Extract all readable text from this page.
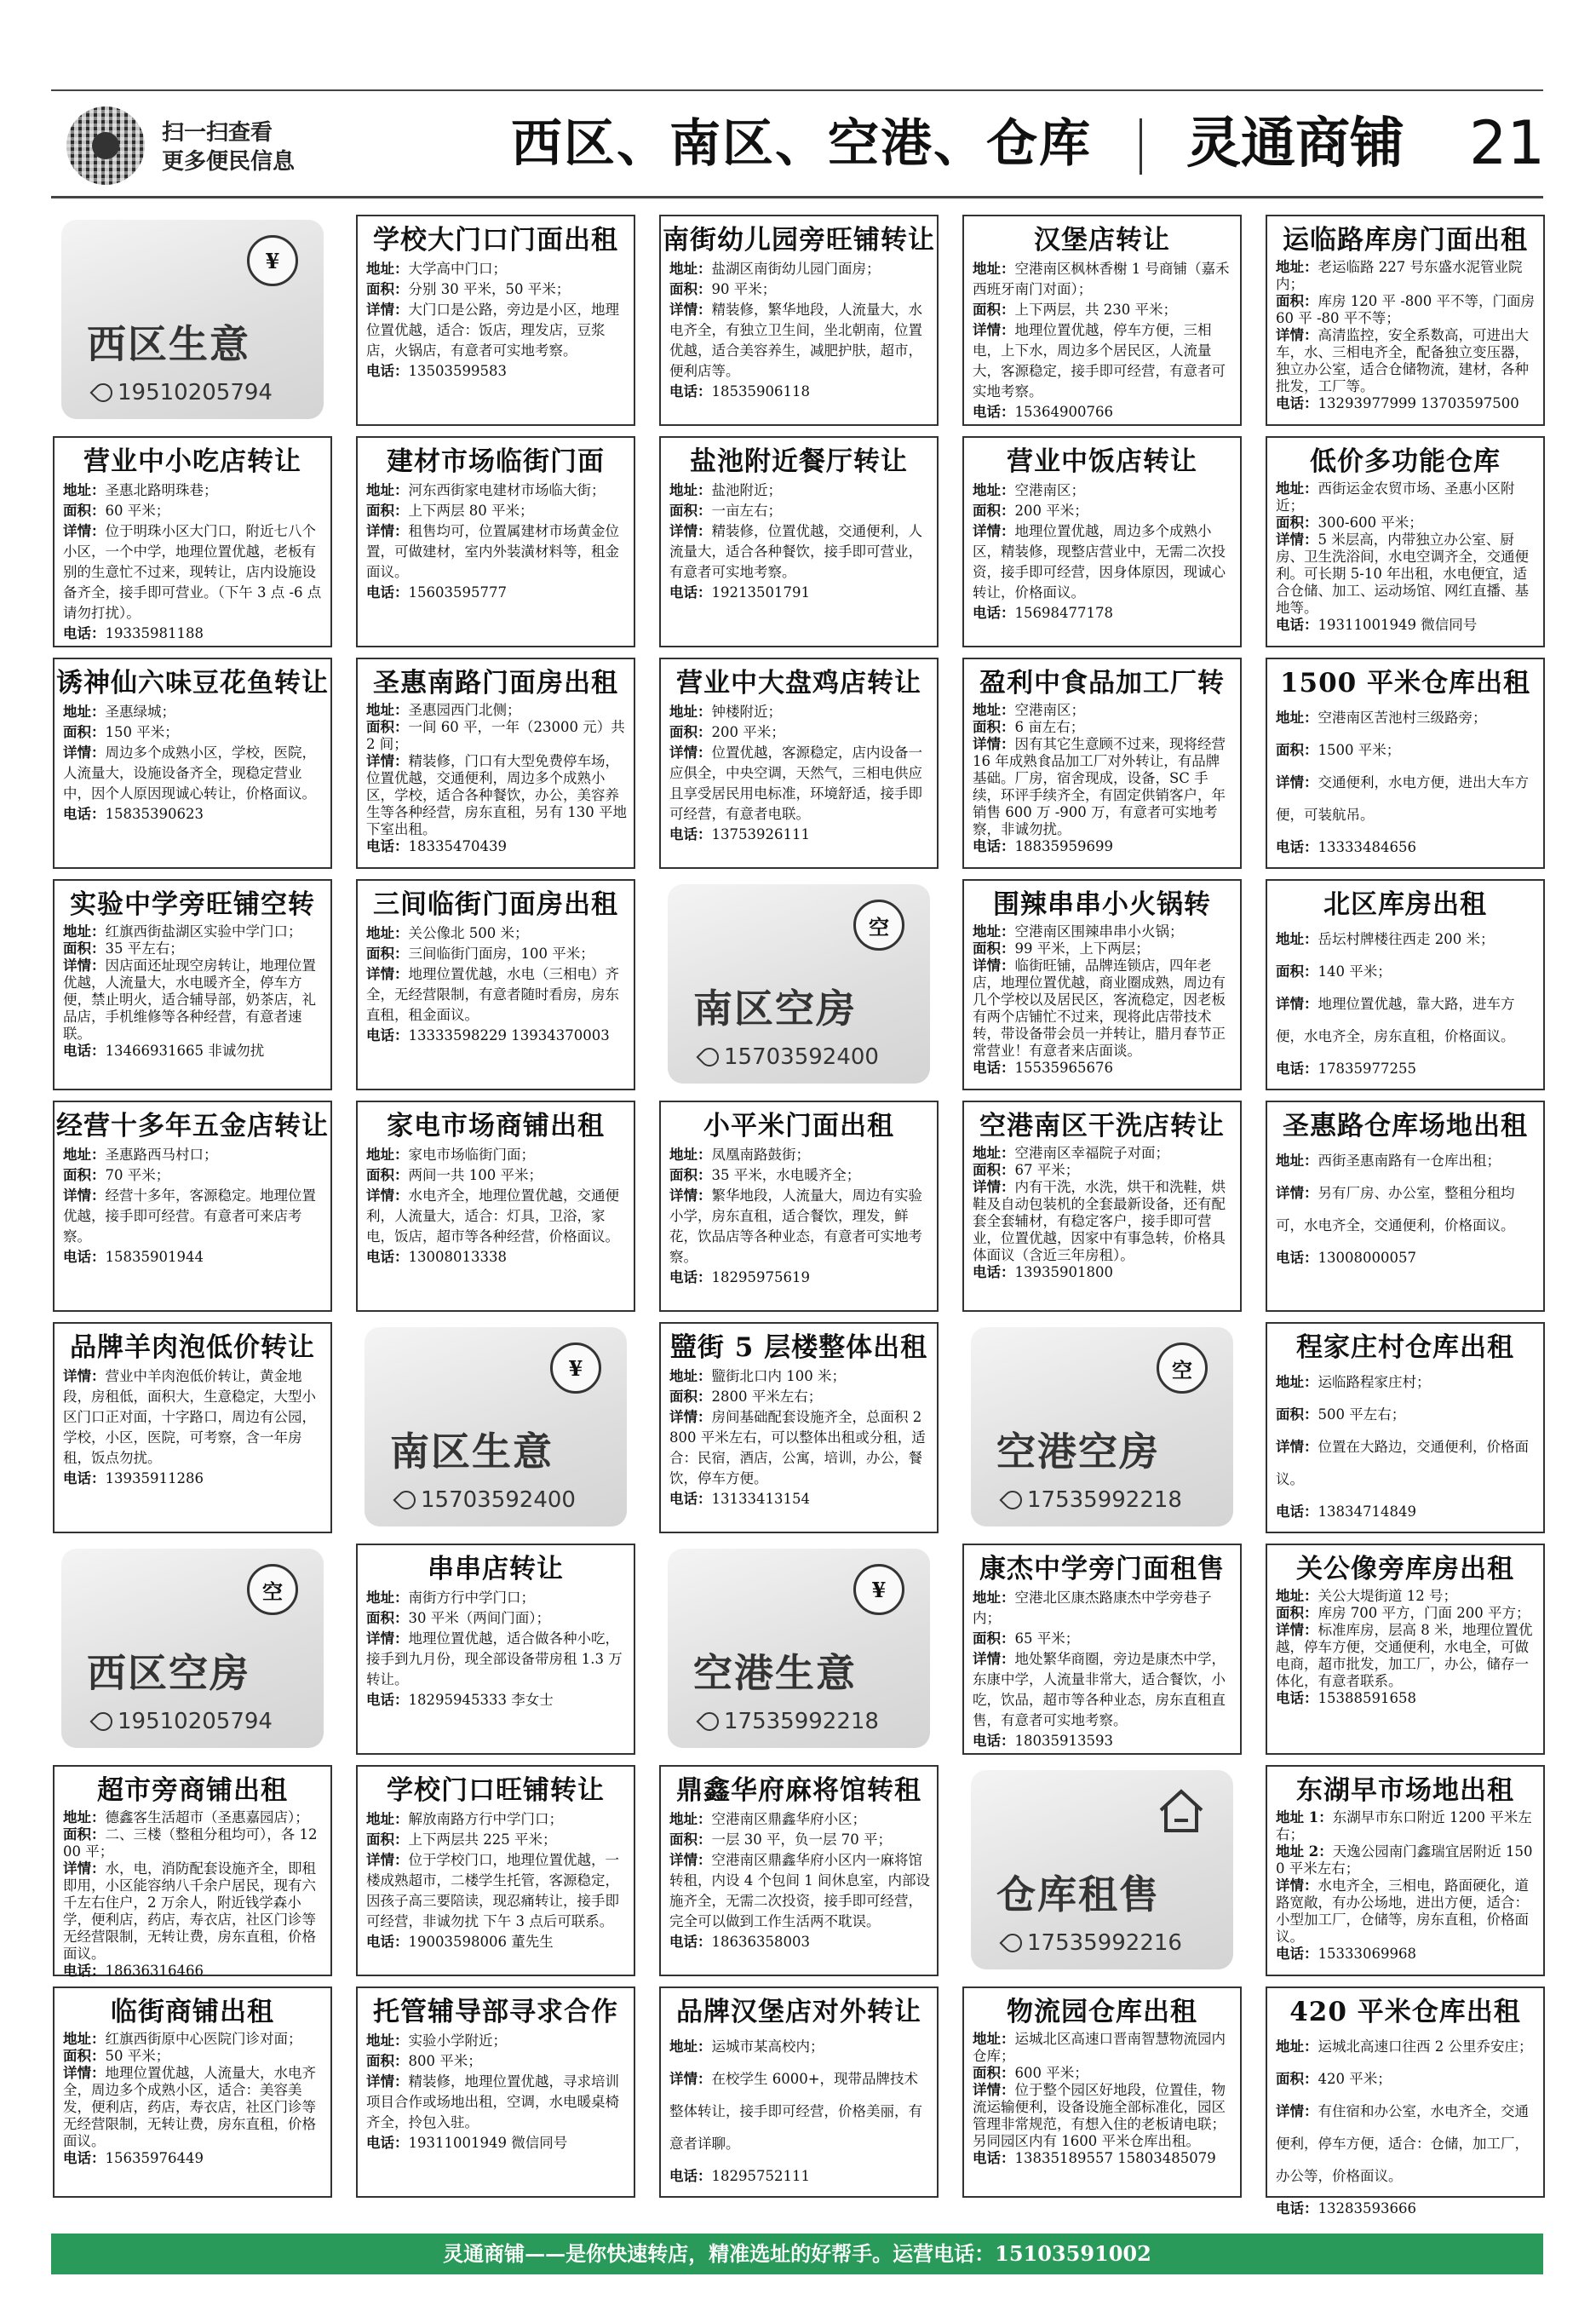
扫一扫查看
更多便民信息	西区、南区、空港、仓库 灵通商铺 21
¥
西区生意
19510205794
学校大门口门面出租
地址：大学高中门口；
面积：分别 30 平米，50 平米；
详情：大门口是公路，旁边是小区，地理位置优越，适合：饭店，理发店，豆浆店，火锅店，有意者可实地考察。
电话：13503599583
南街幼儿园旁旺铺转让
地址：盐湖区南街幼儿园门面房；
面积：90 平米；
详情：精装修，繁华地段，人流量大，水电齐全，有独立卫生间，坐北朝南，位置优越，适合美容养生，减肥护肤，超市，便利店等。
电话：18535906118
汉堡店转让
地址：空港南区枫林香榭 1 号商铺（嘉禾西班牙南门对面）；
面积：上下两层，共 230 平米；
详情：地理位置优越，停车方便，三相电，上下水，周边多个居民区，人流量大，客源稳定，接手即可经营，有意者可实地考察。
电话：15364900766
运临路库房门面出租
地址：老运临路 227 号东盛水泥管业院内；
面积：库房 120 平 -800 平不等，门面房 60 平 -80 平不等；
详情：高清监控，安全系数高，可进出大车，水、三相电齐全，配备独立变压器，独立办公室，适合仓储物流，建材，各种批发，工厂等。
电话：13293977999 13703597500
营业中小吃店转让
地址：圣惠北路明珠巷；
面积：60 平米；
详情：位于明珠小区大门口，附近七八个小区，一个中学，地理位置优越，老板有别的生意忙不过来，现转让，店内设施设备齐全，接手即可营业。（下午 3 点 -6 点请勿打扰）。
电话：19335981188
建材市场临街门面
地址：河东西街家电建材市场临大街；
面积：上下两层 80 平米；
详情：租售均可，位置属建材市场黄金位置，可做建材，室内外装潢材料等，租金面议。
电话：15603595777
盐池附近餐厅转让
地址：盐池附近；
面积：一亩左右；
详情：精装修，位置优越，交通便利，人流量大，适合各种餐饮，接手即可营业，有意者可实地考察。
电话：19213501791
营业中饭店转让
地址：空港南区；
面积：200 平米；
详情：地理位置优越，周边多个成熟小区，精装修，现整店营业中，无需二次投资，接手即可经营，因身体原因，现诚心转让，价格面议。
电话：15698477178
低价多功能仓库
地址：西街运金农贸市场、圣惠小区附近；
面积：300-600 平米；
详情：5 米层高，内带独立办公室、厨房、卫生洗浴间，水电空调齐全，交通便利。可长期 5-10 年出租，水电便宜，适合仓储、加工、运动场馆、网红直播、基地等。
电话：19311001949 微信同号
诱神仙六味豆花鱼转让
地址：圣惠绿城；
面积：150 平米；
详情：周边多个成熟小区，学校，医院，人流量大，设施设备齐全，现稳定营业中，因个人原因现诚心转让，价格面议。
电话：15835390623
圣惠南路门面房出租
地址：圣惠园西门北侧；
面积：一间 60 平，一年（23000 元）共 2 间；
详情：精装修，门口有大型免费停车场，位置优越，交通便利，周边多个成熟小区，学校，适合各种餐饮，办公，美容养生等各种经营，房东直租，另有 130 平地下室出租。
电话：18335470439
营业中大盘鸡店转让
地址：钟楼附近；
面积：200 平米；
详情：位置优越，客源稳定，店内设备一应俱全，中央空调，天然气，三相电供应且享受居民用电标准，环境舒适，接手即可经营，有意者电联。
电话：13753926111
盈利中食品加工厂转
地址：空港南区；
面积：6 亩左右；
详情：因有其它生意顾不过来，现将经营 16 年成熟食品加工厂对外转让，有品牌基础。厂房，宿舍现成，设备，SC 手续，环评手续齐全，有固定供销客户，年销售 600 万 -900 万，有意者可实地考察，非诚勿扰。
电话：18835959699
1500 平米仓库出租
地址：空港南区苦池村三级路旁；
面积：1500 平米；
详情：交通便利，水电方便，进出大车方便，可装航吊。
电话：13333484656
实验中学旁旺铺空转
地址：红旗西街盐湖区实验中学门口；
面积：35 平左右；
详情：因店面还址现空房转让，地理位置优越，人流量大，水电暖齐全，停车方便，禁止明火，适合辅导部，奶茶店，礼品店，手机维修等各种经营，有意者速联。
电话：13466931665 非诚勿扰
三间临街门面房出租
地址：关公像北 500 米；
面积：三间临街门面房，100 平米；
详情：地理位置优越，水电（三相电）齐全，无经营限制，有意者随时看房，房东直租，租金面议。
电话：13333598229 13934370003
空
南区空房
15703592400
围辣串串小火锅转
地址：空港南区围辣串串小火锅；
面积：99 平米，上下两层；
详情：临街旺铺，品牌连锁店，四年老店，地理位置优越，商业圈成熟，周边有几个学校以及居民区，客流稳定，因老板有两个店铺忙不过来，现将此店带技术转，带设备带会员一并转让，腊月春节正常营业！有意者来店面谈。
电话：15535965676
北区库房出租
地址：岳坛村牌楼往西走 200 米；
面积：140 平米；
详情：地理位置优越，靠大路，进车方便，水电齐全，房东直租，价格面议。
电话：17835977255
经营十多年五金店转让
地址：圣惠路西马村口；
面积：70 平米；
详情：经营十多年，客源稳定。地理位置优越，接手即可经营。有意者可来店考察。
电话：15835901944
家电市场商铺出租
地址：家电市场临街门面；
面积：两间一共 100 平米；
详情：水电齐全，地理位置优越，交通便利，人流量大，适合：灯具，卫浴，家电，饭店，超市等各种经营，价格面议。
电话：13008013338
小平米门面出租
地址：凤凰南路鼓街；
面积：35 平米，水电暖齐全；
详情：繁华地段，人流量大，周边有实验小学，房东直租，适合餐饮，理发，鲜花，饮品店等各种业态，有意者可实地考察。
电话：18295975619
空港南区干洗店转让
地址：空港南区幸福院子对面；
面积：67 平米；
详情：内有干洗，水洗，烘干和洗鞋，烘鞋及自动包装机的全套最新设备，还有配套全套辅材，有稳定客户，接手即可营业，位置优越，因家中有事急转，价格具体面议（含近三年房租）。
电话：13935901800
圣惠路仓库场地出租
地址：西街圣惠南路有一仓库出租；
详情：另有厂房、办公室，整租分租均可，水电齐全，交通便利，价格面议。
电话：13008000057
品牌羊肉泡低价转让
详情：营业中羊肉泡低价转让，黄金地段，房租低，面积大，生意稳定，大型小区门口正对面，十字路口，周边有公园，学校，小区，医院，可考察，含一年房租，饭点勿扰。
电话：13935911286
¥
南区生意
15703592400
盬街 5 层楼整体出租
地址：盬街北口内 100 米；
面积：2800 平米左右；
详情：房间基础配套设施齐全，总面积 2800 平米左右，可以整体出租或分租，适合：民宿，酒店，公寓，培训，办公，餐饮，停车方便。
电话：13133413154
空
空港空房
17535992218
程家庄村仓库出租
地址：运临路程家庄村；
面积：500 平左右；
详情：位置在大路边，交通便利，价格面议。
电话：13834714849
空
西区空房
19510205794
串串店转让
地址：南街方行中学门口；
面积：30 平米（两间门面）；
详情：地理位置优越，适合做各种小吃，接手到九月份，现全部设备带房租 1.3 万转让。
电话：18295945333 李女士
¥
空港生意
17535992218
康杰中学旁门面租售
地址：空港北区康杰路康杰中学旁巷子内；
面积：65 平米；
详情：地处繁华商圈，旁边是康杰中学，东康中学，人流量非常大，适合餐饮，小吃，饮品，超市等各种业态，房东直租直售，有意者可实地考察。
电话：18035913593
关公像旁库房出租
地址：关公大堤街道 12 号；
面积：库房 700 平方，门面 200 平方；
详情：标准库房，层高 8 米，地理位置优越，停车方便，交通便利，水电全，可做电商，超市批发，加工厂，办公，储存一体化，有意者联系。
电话：15388591658
超市旁商铺出租
地址：德鑫客生活超市（圣惠嘉园店）；
面积：二、三楼（整租分租均可），各 1200 平；
详情：水，电，消防配套设施齐全，即租即用，小区能容纳八千余户居民，现有六千左右住户，2 万余人，附近钱学森小学，便利店，药店，寿衣店，社区门诊等无经营限制，无转让费，房东直租，价格面议。
电话：18636316466
学校门口旺铺转让
地址：解放南路方行中学门口；
面积：上下两层共 225 平米；
详情：位于学校门口，地理位置优越，一楼成熟超市，二楼学生托管，客源稳定，因孩子高三要陪读，现忍痛转让，接手即可经营，非诚勿扰 下午 3 点后可联系。
电话：19003598006 董先生
鼎鑫华府麻将馆转租
地址：空港南区鼎鑫华府小区；
面积：一层 30 平，负一层 70 平；
详情：空港南区鼎鑫华府小区内一麻将馆转租，内设 4 个包间 1 间休息室，内部设施齐全，无需二次投资，接手即可经营，完全可以做到工作生活两不耽误。
电话：18636358003
仓库租售
17535992216
东湖早市场地出租
地址 1：东湖早市东口附近 1200 平米左右；
地址 2：天逸公园南门鑫瑞宜居附近 1500 平米左右；
详情：水电齐全，三相电，路面硬化，道路宽敞，有办公场地，进出方便，适合：小型加工厂，仓储等，房东直租，价格面议。
电话：15333069968
临街商铺出租
地址：红旗西街原中心医院门诊对面；
面积：50 平米；
详情：地理位置优越，人流量大，水电齐全，周边多个成熟小区，适合：美容美发，便利店，药店，寿衣店，社区门诊等无经营限制，无转让费，房东直租，价格面议。
电话：15635976449
托管辅导部寻求合作
地址：实验小学附近；
面积：800 平米；
详情：精装修，地理位置优越，寻求培训项目合作或场地出租，空调，水电暖桌椅齐全，拎包入驻。
电话：19311001949 微信同号
品牌汉堡店对外转让
地址：运城市某高校内；
详情：在校学生 6000+，现带品牌技术整体转让，接手即可经营，价格美丽，有意者详聊。
电话：18295752111
物流园仓库出租
地址：运城北区高速口晋南智慧物流园内仓库；
面积：600 平米；
详情：位于整个园区好地段，位置佳，物流运输便利，设备设施全部标准化，园区管理非常规范，有想入住的老板请电联；另同园区内有 1600 平米仓库出租。
电话：13835189557 15803485079
420 平米仓库出租
地址：运城北高速口往西 2 公里乔安庄；
面积：420 平米；
详情：有住宿和办公室，水电齐全，交通便利，停车方便，适合：仓储，加工厂，办公等，价格面议。
电话：13283593666
灵通商铺——是你快速转店，精准选址的好帮手。运营电话：15103591002
